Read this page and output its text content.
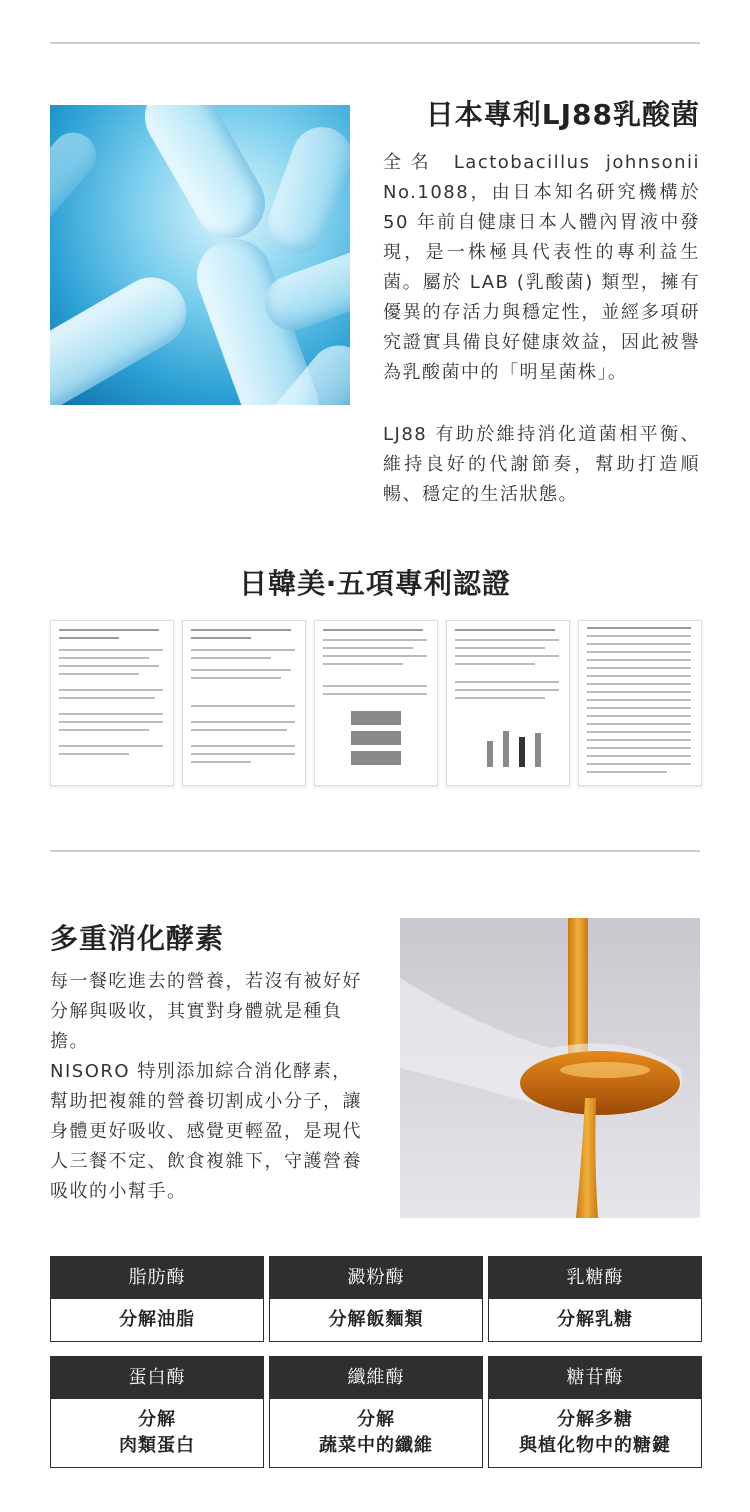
日本專利LJ88乳酸菌

全名 Lactobacillus johnsonii No.1088，由日本知名研究機構於 50 年前自健康日本人體內胃液中發現，是一株極具代表性的專利益生菌。屬於 LAB (乳酸菌) 類型，擁有優異的存活力與穩定性，並經多項研究證實具備良好健康效益，因此被譽為乳酸菌中的「明星菌株」。

LJ88 有助於維持消化道菌相平衡、維持良好的代謝節奏，幫助打造順暢、穩定的生活狀態。

日韓美‧五項專利認證
多重消化酵素

每一餐吃進去的營養，若沒有被好好分解與吸收，其實對身體就是種負擔。
NISORO 特別添加綜合消化酵素，幫助把複雜的營養切割成小分子，讓身體更好吸收、感覺更輕盈，是現代人三餐不定、飲食複雜下，守護營養吸收的小幫手。

脂肪酶
分解油脂
澱粉酶
分解飯麵類
乳糖酶
分解乳糖
蛋白酶
分解
肉類蛋白
纖維酶
分解
蔬菜中的纖維
糖苷酶
分解多糖
與植化物中的糖鍵
